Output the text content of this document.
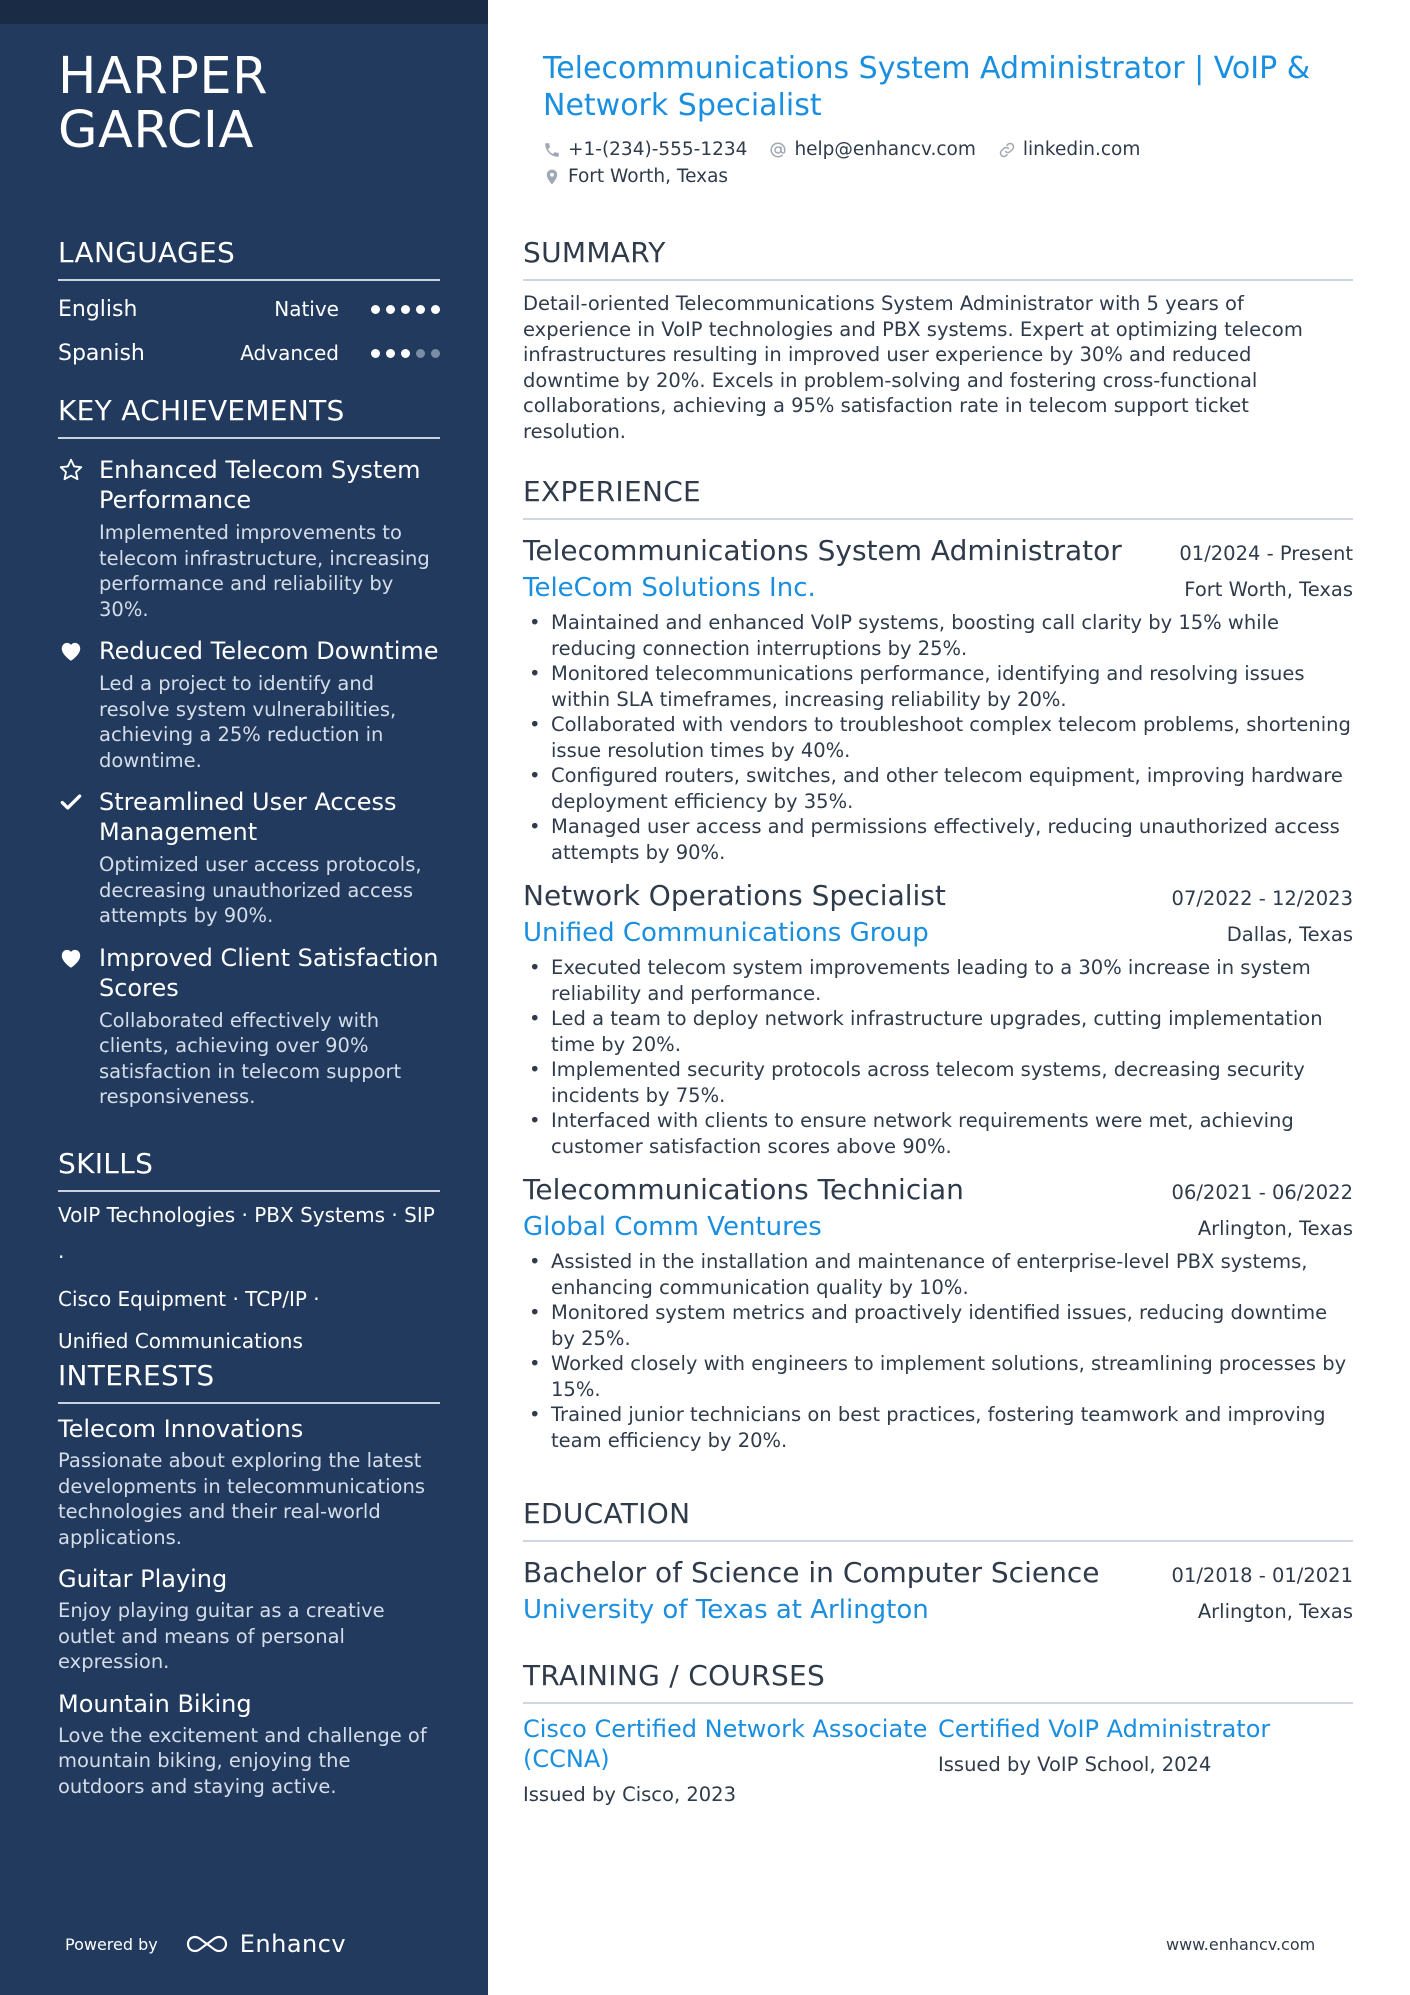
HARPER
GARCIA
LANGUAGES
English	Native
Spanish	Advanced
KEY ACHIEVEMENTS
Enhanced Telecom System Performance
Implemented improvements to telecom infrastructure, increasing performance and reliability by 30%.
Reduced Telecom Downtime
Led a project to identify and resolve system vulnerabilities, achieving a 25% reduction in downtime.
Streamlined User Access Management
Optimized user access protocols, decreasing unauthorized access attempts by 90%.
Improved Client Satisfaction Scores
Collaborated effectively with clients, achieving over 90% satisfaction in telecom support responsiveness.
SKILLS
VoIP Technologies · PBX Systems · SIP ·
Cisco Equipment · TCP/IP ·
Unified Communications
INTERESTS
Telecom Innovations
Passionate about exploring the latest developments in telecommunications technologies and their real-world applications.
Guitar Playing
Enjoy playing guitar as a creative outlet and means of personal expression.
Mountain Biking
Love the excitement and challenge of mountain biking, enjoying the outdoors and staying active.
Powered by	Enhancv
Telecommunications System Administrator | VoIP & Network Specialist
+1-(234)-555-1234	help@enhancv.com	linkedin.com
Fort Worth, Texas
SUMMARY
Detail-oriented Telecommunications System Administrator with 5 years of experience in VoIP technologies and PBX systems. Expert at optimizing telecom infrastructures resulting in improved user experience by 30% and reduced downtime by 20%. Excels in problem-solving and fostering cross-functional collaborations, achieving a 95% satisfaction rate in telecom support ticket resolution.
EXPERIENCE
Telecommunications System Administrator	01/2024 - Present
TeleCom Solutions Inc.	Fort Worth, Texas
• Maintained and enhanced VoIP systems, boosting call clarity by 15% while reducing connection interruptions by 25%.
• Monitored telecommunications performance, identifying and resolving issues within SLA timeframes, increasing reliability by 20%.
• Collaborated with vendors to troubleshoot complex telecom problems, shortening issue resolution times by 40%.
• Configured routers, switches, and other telecom equipment, improving hardware deployment efficiency by 35%.
• Managed user access and permissions effectively, reducing unauthorized access attempts by 90%.
Network Operations Specialist	07/2022 - 12/2023
Unified Communications Group	Dallas, Texas
• Executed telecom system improvements leading to a 30% increase in system reliability and performance.
• Led a team to deploy network infrastructure upgrades, cutting implementation time by 20%.
• Implemented security protocols across telecom systems, decreasing security incidents by 75%.
• Interfaced with clients to ensure network requirements were met, achieving customer satisfaction scores above 90%.
Telecommunications Technician	06/2021 - 06/2022
Global Comm Ventures	Arlington, Texas
• Assisted in the installation and maintenance of enterprise-level PBX systems, enhancing communication quality by 10%.
• Monitored system metrics and proactively identified issues, reducing downtime by 25%.
• Worked closely with engineers to implement solutions, streamlining processes by 15%.
• Trained junior technicians on best practices, fostering teamwork and improving team efficiency by 20%.
EDUCATION
Bachelor of Science in Computer Science	01/2018 - 01/2021
University of Texas at Arlington	Arlington, Texas
TRAINING / COURSES
Cisco Certified Network Associate (CCNA)
Issued by Cisco, 2023
Certified VoIP Administrator
Issued by VoIP School, 2024
www.enhancv.com
